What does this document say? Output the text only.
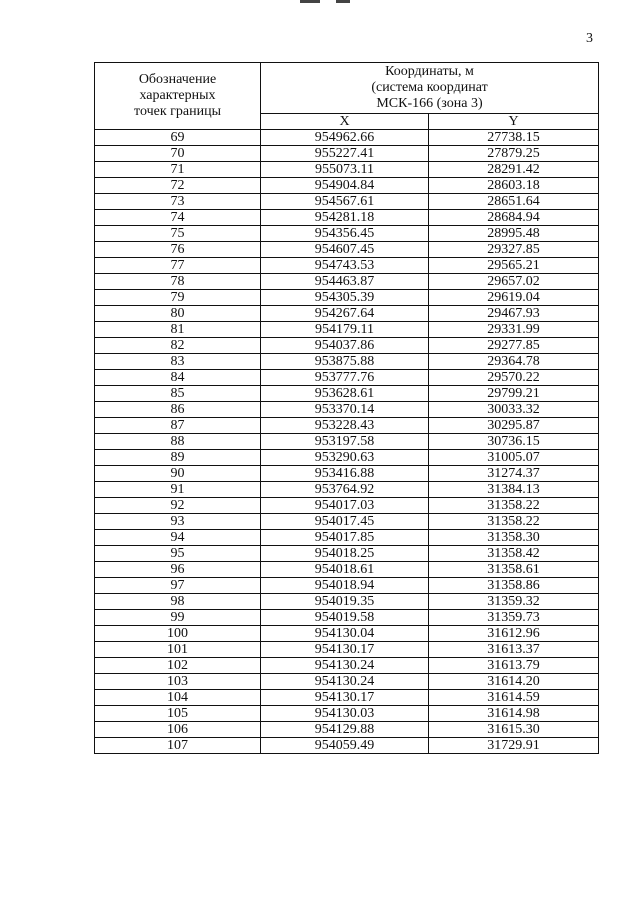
3
Обозначение
характерных
точек границы	Координаты, м
(система координат
МСК-166 (зона 3)	

	X	Y
69	954962.66	27738.15
70	955227.41	27879.25
71	955073.11	28291.42
72	954904.84	28603.18
73	954567.61	28651.64
74	954281.18	28684.94
75	954356.45	28995.48
76	954607.45	29327.85
77	954743.53	29565.21
78	954463.87	29657.02
79	954305.39	29619.04
80	954267.64	29467.93
81	954179.11	29331.99
82	954037.86	29277.85
83	953875.88	29364.78
84	953777.76	29570.22
85	953628.61	29799.21
86	953370.14	30033.32
87	953228.43	30295.87
88	953197.58	30736.15
89	953290.63	31005.07
90	953416.88	31274.37
91	953764.92	31384.13
92	954017.03	31358.22
93	954017.45	31358.22
94	954017.85	31358.30
95	954018.25	31358.42
96	954018.61	31358.61
97	954018.94	31358.86
98	954019.35	31359.32
99	954019.58	31359.73
100	954130.04	31612.96
101	954130.17	31613.37
102	954130.24	31613.79
103	954130.24	31614.20
104	954130.17	31614.59
105	954130.03	31614.98
106	954129.88	31615.30
107	954059.49	31729.91
